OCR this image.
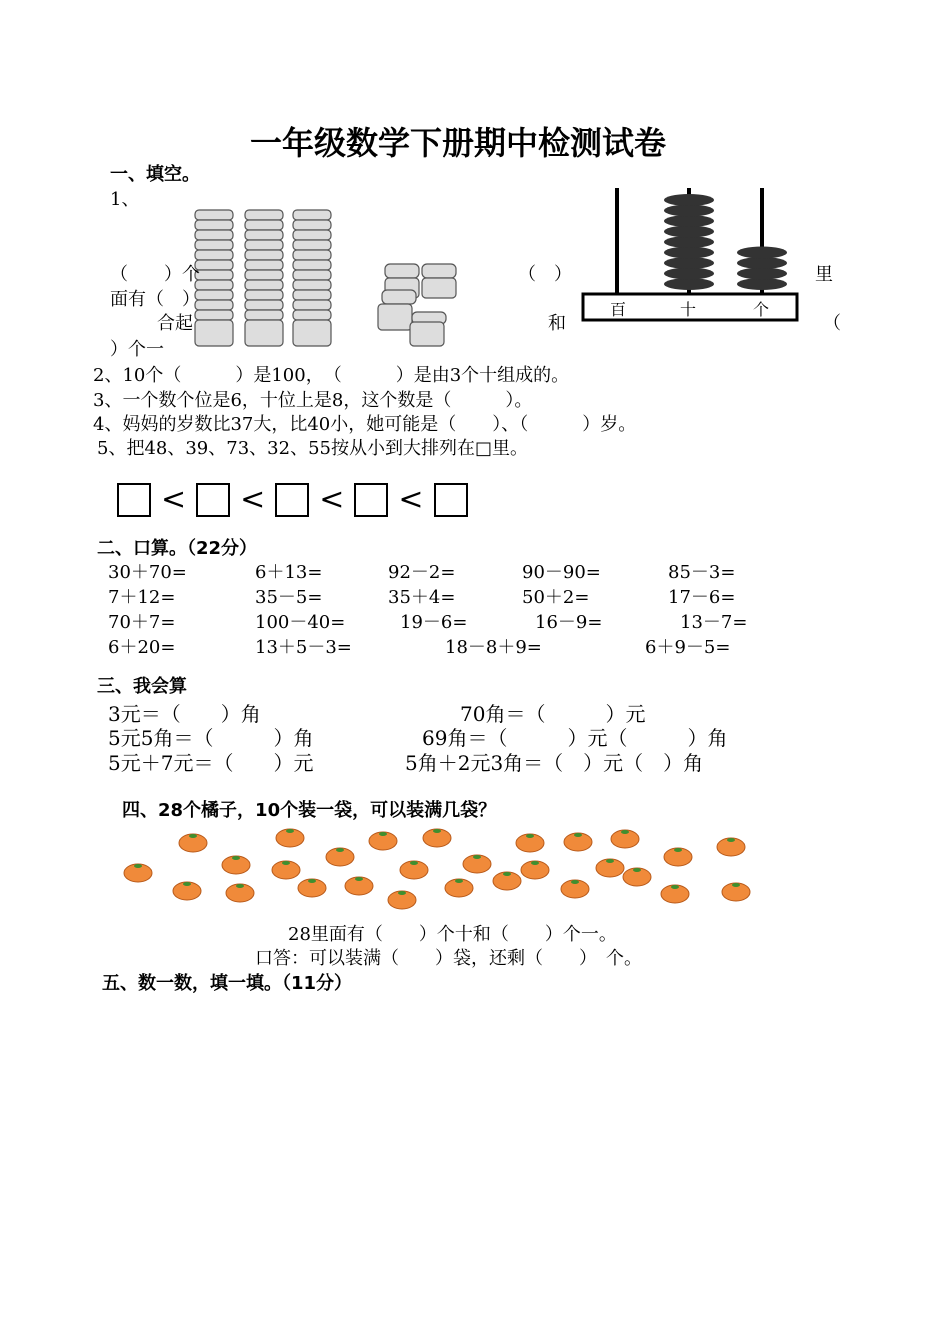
一年级数学下册期中检测试卷
一、填空。
1、
（　　）个
面有（　）
合起
）个一
（　）
和
里
（
百	十	个
2、10个（　　　）是100，　（　　　）是由3个十组成的。
3、一个数个位是6，十位上是8，这个数是（　　　）。
4、妈妈的岁数比37大，比40小，她可能是（　　）、（　　　）岁。
5、把48、39、73、32、55按从小到大排列在□里。
< < < <
二、口算。（22分）
30＋70=	6＋13=	92－2=	90－90=	85－3=
7＋12=	35－5=	35＋4=	50＋2=	17－6=
70＋7=	100－40=	19－6=	16－9=	13－7=
6＋20=	13＋5－3=	18－8＋9=	6＋9－5=
三、我会算
3元＝（　　）角	70角＝（　　　）元
5元5角＝（　　　）角	69角＝（　　　）元（　　　）角
5元＋7元＝（　　）元	5角＋2元3角＝（　）元（　）角
四、28个橘子，10个装一袋，可以装满几袋？
28里面有（　　）个十和（　　）个一。
口答：可以装满（　　）袋，还剩（　　）　个。
五、数一数，填一填。（11分）
